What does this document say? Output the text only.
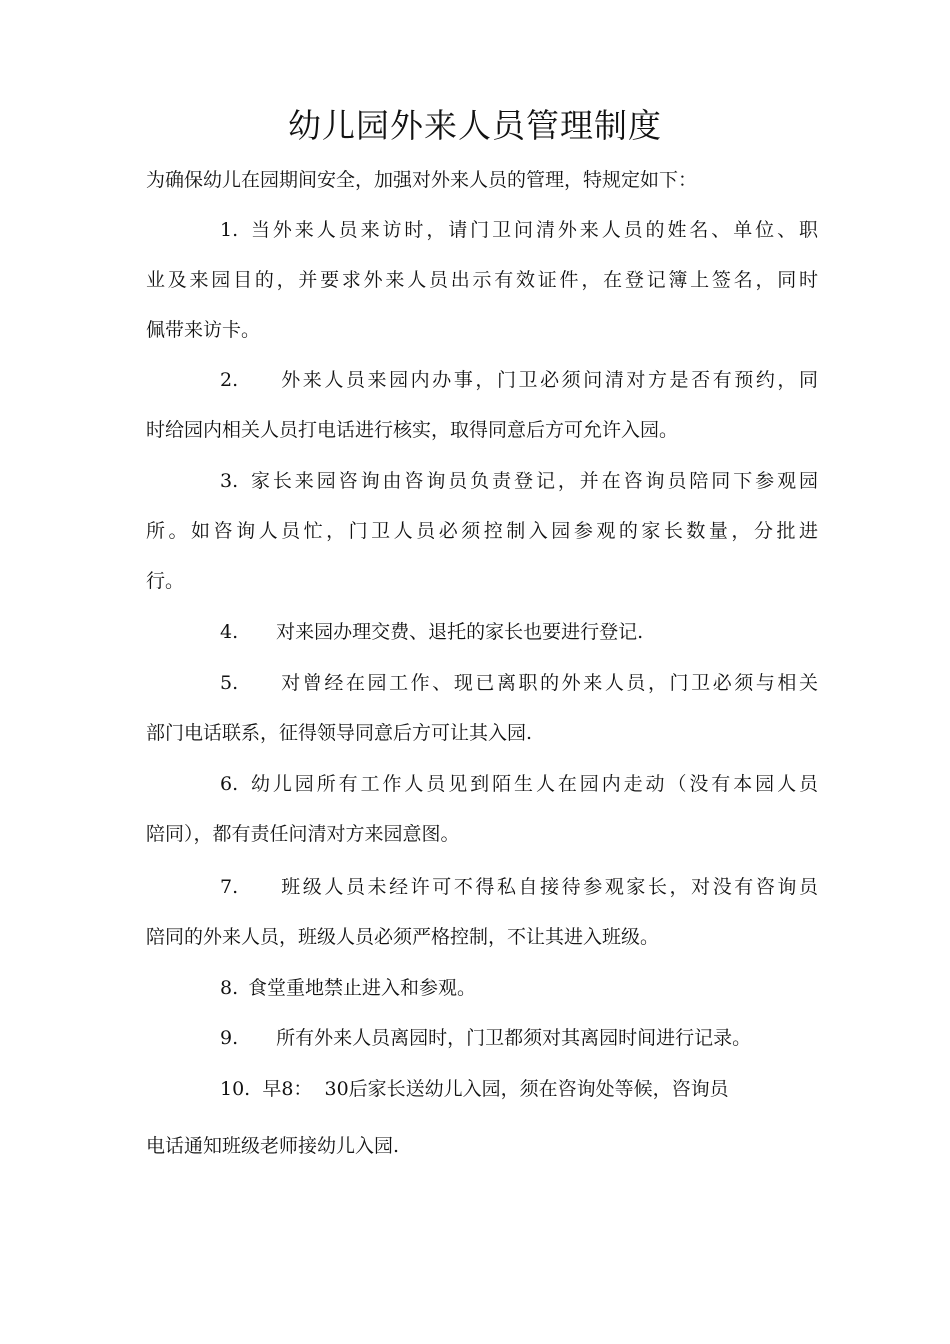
幼儿园外来人员管理制度
为确保幼儿在园期间安全，加强对外来人员的管理，特规定如下：
1. 当外来人员来访时，请门卫问清外来人员的姓名、单位、职
业及来园目的，并要求外来人员出示有效证件，在登记簿上签名，同时
佩带来访卡。
2. 外来人员来园内办事，门卫必须问清对方是否有预约，同
时给园内相关人员打电话进行核实，取得同意后方可允许入园。
3. 家长来园咨询由咨询员负责登记，并在咨询员陪同下参观园
所。如咨询人员忙，门卫人员必须控制入园参观的家长数量，分批进
行。
4. 对来园办理交费、退托的家长也要进行登记.
5. 对曾经在园工作、现已离职的外来人员，门卫必须与相关
部门电话联系，征得领导同意后方可让其入园.
6. 幼儿园所有工作人员见到陌生人在园内走动（没有本园人员
陪同），都有责任问清对方来园意图。
7. 班级人员未经许可不得私自接待参观家长，对没有咨询员
陪同的外来人员，班级人员必须严格控制，不让其进入班级。
8. 食堂重地禁止进入和参观。
9. 所有外来人员离园时，门卫都须对其离园时间进行记录。
10. 早8：  30后家长送幼儿入园，须在咨询处等候，咨询员
电话通知班级老师接幼儿入园.
